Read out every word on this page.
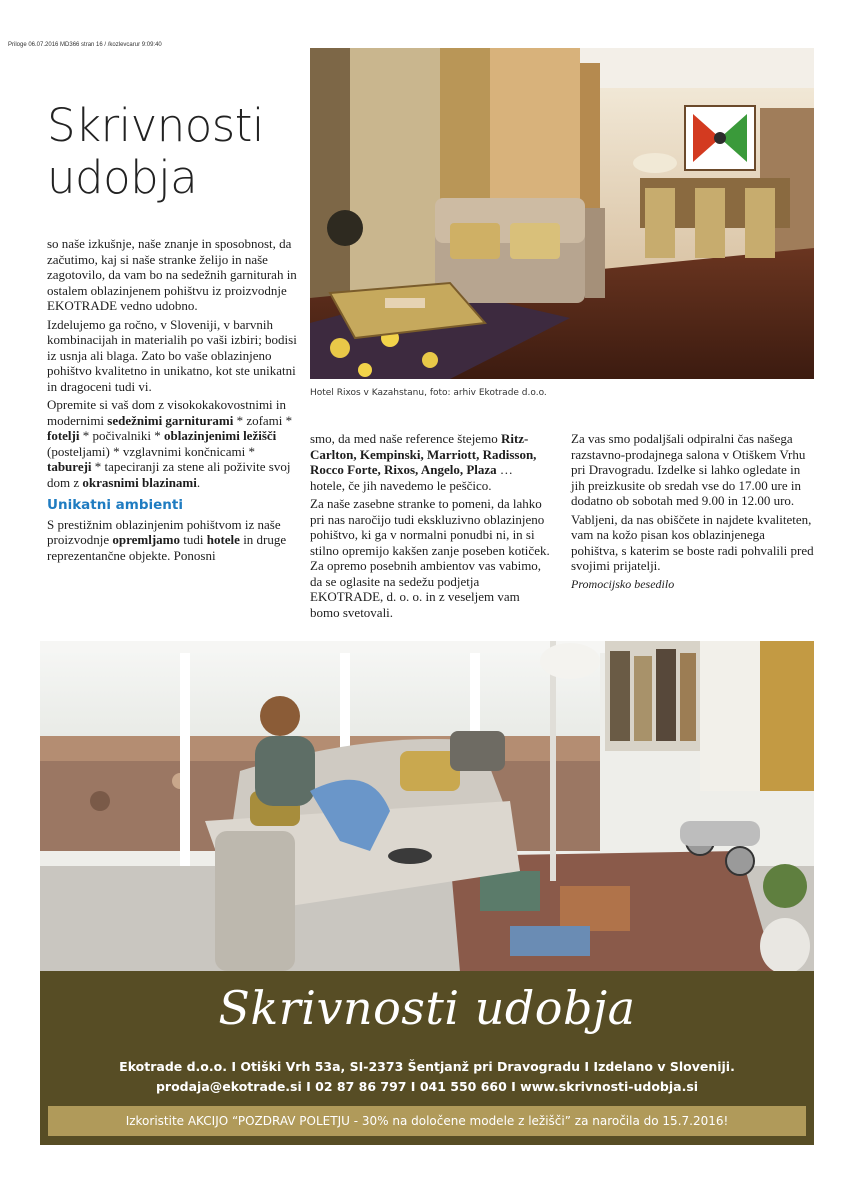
Priloge 06.07.2016 MD366 stran 16 / /kozlevcarur 9:09:40
Skrivnosti
udobja
Hotel Rixos v Kazahstanu, foto: arhiv Ekotrade d.o.o.

so naše izkušnje, naše znanje in sposobnost, da začutimo, kaj si naše stranke želijo in naše zagotovilo, da vam bo na sedežnih garniturah in ostalem oblazinjenem pohištvu iz proizvodnje EKOTRADE vedno udobno.

Izdelujemo ga ročno, v Sloveniji, v barvnih kombinacijah in materialih po vaši izbiri; bodisi iz usnja ali blaga. Zato bo vaše oblazinjeno pohištvo kvalitetno in unikatno, kot ste unikatni in dragoceni tudi vi.

Opremite si vaš dom z visokokakovostnimi in modernimi sedežnimi garniturami * zofami * fotelji * počivalniki * oblazinjenimi ležišči (posteljami) * vzglavnimi končnicami * tabureji * tapeciranji za stene ali poživite svoj dom z okrasnimi blazinami.

Unikatni ambienti

S prestižnim oblazinjenim pohištvom iz naše proizvodnje opremljamo tudi hotele in druge reprezentančne objekte. Ponosni

smo, da med naše reference štejemo Ritz-Carlton, Kempinski, Marriott, Radisson, Rocco Forte, Rixos, Angelo, Plaza … hotele, če jih navedemo le peščico.

Za naše zasebne stranke to pomeni, da lahko pri nas naročijo tudi ekskluzivno oblazinjeno pohištvo, ki ga v normalni ponudbi ni, in si stilno opremijo kakšen zanje poseben kotiček. Za opremo posebnih ambientov vas vabimo, da se oglasite na sedežu podjetja EKOTRADE, d. o. o. in z veseljem vam bomo svetovali.

Za vas smo podaljšali odpiralni čas našega razstavno-prodajnega salona v Otiškem Vrhu pri Dravogradu. Izdelke si lahko ogledate in jih preizkusite ob sredah vse do 17.00 ure in dodatno ob sobotah med 9.00 in 12.00 uro.

Vabljeni, da nas obiščete in najdete kvaliteten, vam na kožo pisan kos oblazinjenega pohištva, s katerim se boste radi pohvalili pred svojimi prijatelji.

Promocijsko besedilo

Skrivnosti udobja
Ekotrade d.o.o. I Otiški Vrh 53a, SI-2373 Šentjanž pri Dravogradu I Izdelano v Sloveniji.
prodaja@ekotrade.si I 02 87 86 797 I 041 550 660 I www.skrivnosti-udobja.si
Izkoristite AKCIJO “POZDRAV POLETJU - 30% na določene modele z ležišči” za naročila do 15.7.2016!
